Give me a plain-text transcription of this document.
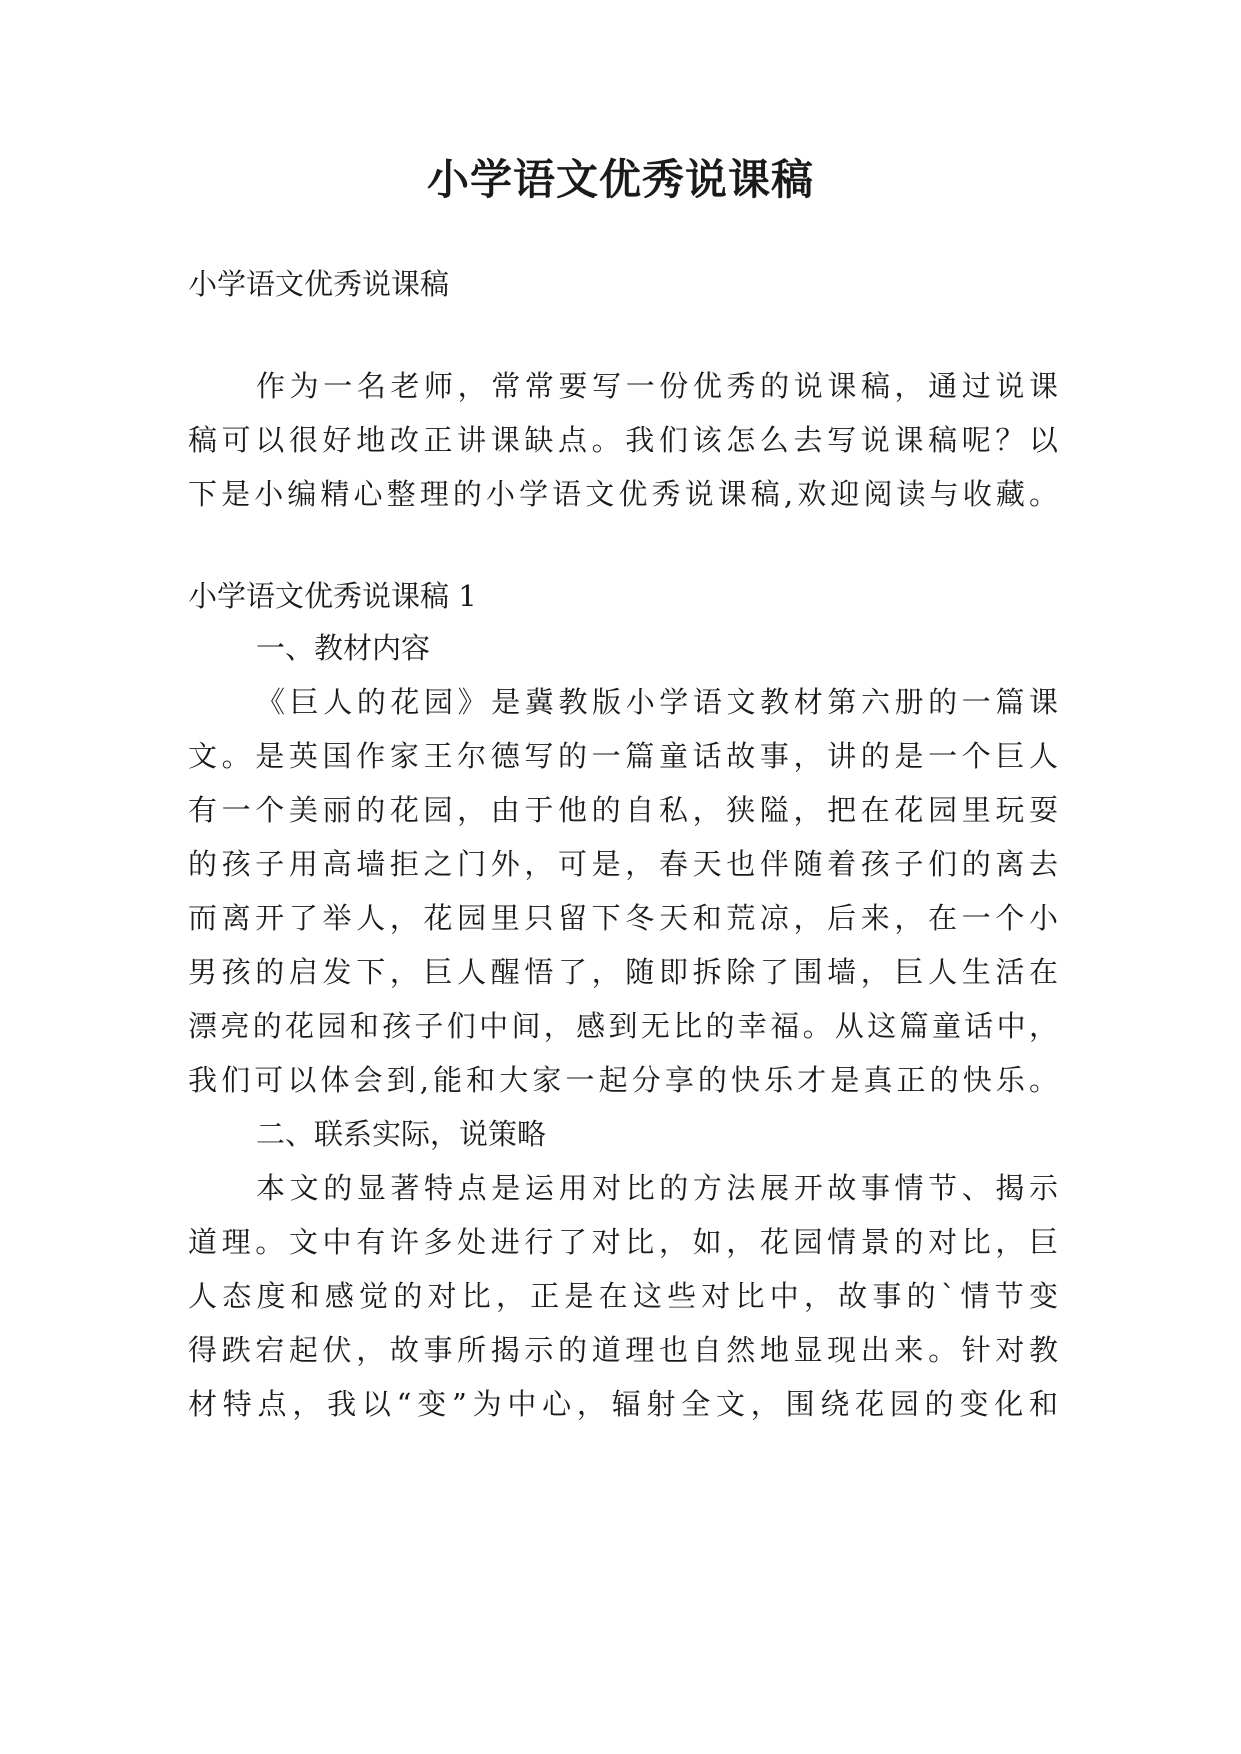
小学语文优秀说课稿
小学语文优秀说课稿
作为一名老师，常常要写一份优秀的说课稿，通过说课
稿可以很好地改正讲课缺点。我们该怎么去写说课稿呢？以
下是小编精心整理的小学语文优秀说课稿,欢迎阅读与收藏。
小学语文优秀说课稿 1
一、教材内容
《巨人的花园》是冀教版小学语文教材第六册的一篇课
文。是英国作家王尔德写的一篇童话故事，讲的是一个巨人
有一个美丽的花园，由于他的自私，狭隘，把在花园里玩耍
的孩子用高墙拒之门外，可是，春天也伴随着孩子们的离去
而离开了举人，花园里只留下冬天和荒凉，后来，在一个小
男孩的启发下，巨人醒悟了，随即拆除了围墙，巨人生活在
漂亮的花园和孩子们中间，感到无比的幸福。从这篇童话中，
我们可以体会到,能和大家一起分享的快乐才是真正的快乐。
二、联系实际，说策略
本文的显著特点是运用对比的方法展开故事情节、揭示
道理。文中有许多处进行了对比，如，花园情景的对比，巨
人态度和感觉的对比，正是在这些对比中，故事的`情节变
得跌宕起伏，故事所揭示的道理也自然地显现出来。针对教
材特点，我以“变”为中心，辐射全文，围绕花园的变化和
